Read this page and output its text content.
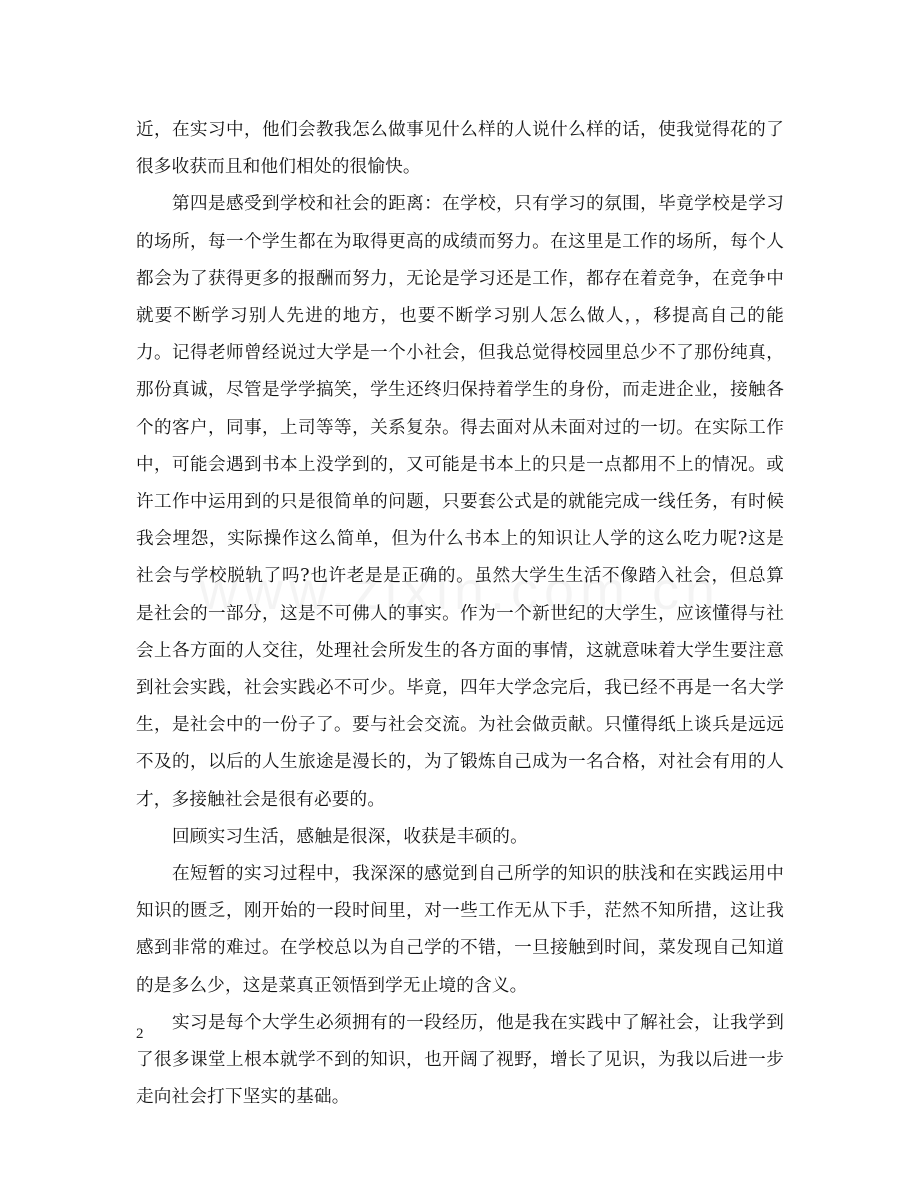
近，在实习中，他们会教我怎么做事见什么样的人说什么样的话，使我觉得花的了很多收获而且和他们相处的很愉快。

第四是感受到学校和社会的距离：在学校，只有学习的氛围，毕竟学校是学习的场所，每一个学生都在为取得更高的成绩而努力。在这里是工作的场所，每个人都会为了获得更多的报酬而努力，无论是学习还是工作，都存在着竞争，在竞争中就要不断学习别人先进的地方，也要不断学习别人怎么做人，，移提高自己的能力。记得老师曾经说过大学是一个小社会，但我总觉得校园里总少不了那份纯真，那份真诚，尽管是学学搞笑，学生还终归保持着学生的身份，而走进企业，接触各个的客户，同事，上司等等，关系复杂。得去面对从未面对过的一切。在实际工作中，可能会遇到书本上没学到的，又可能是书本上的只是一点都用不上的情况。或许工作中运用到的只是很简单的问题，只要套公式是的就能完成一线任务，有时候我会埋怨，实际操作这么简单，但为什么书本上的知识让人学的这么吃力呢?这是社会与学校脱轨了吗?也许老是是正确的。虽然大学生生活不像踏入社会，但总算是社会的一部分，这是不可佛人的事实。作为一个新世纪的大学生，应该懂得与社会上各方面的人交往，处理社会所发生的各方面的事情，这就意味着大学生要注意到社会实践，社会实践必不可少。毕竟，四年大学念完后，我已经不再是一名大学生，是社会中的一份子了。要与社会交流。为社会做贡献。只懂得纸上谈兵是远远不及的，以后的人生旅途是漫长的，为了锻炼自己成为一名合格，对社会有用的人才，多接触社会是很有必要的。

回顾实习生活，感触是很深，收获是丰硕的。

在短暂的实习过程中，我深深的感觉到自己所学的知识的肤浅和在实践运用中知识的匮乏，刚开始的一段时间里，对一些工作无从下手，茫然不知所措，这让我感到非常的难过。在学校总以为自己学的不错，一旦接触到时间，菜发现自己知道的是多么少，这是菜真正领悟到学无止境的含义。

实习是每个大学生必须拥有的一段经历，他是我在实践中了解社会，让我学到了很多课堂上根本就学不到的知识，也开阔了视野，增长了见识，为我以后进一步走向社会打下坚实的基础。

2
